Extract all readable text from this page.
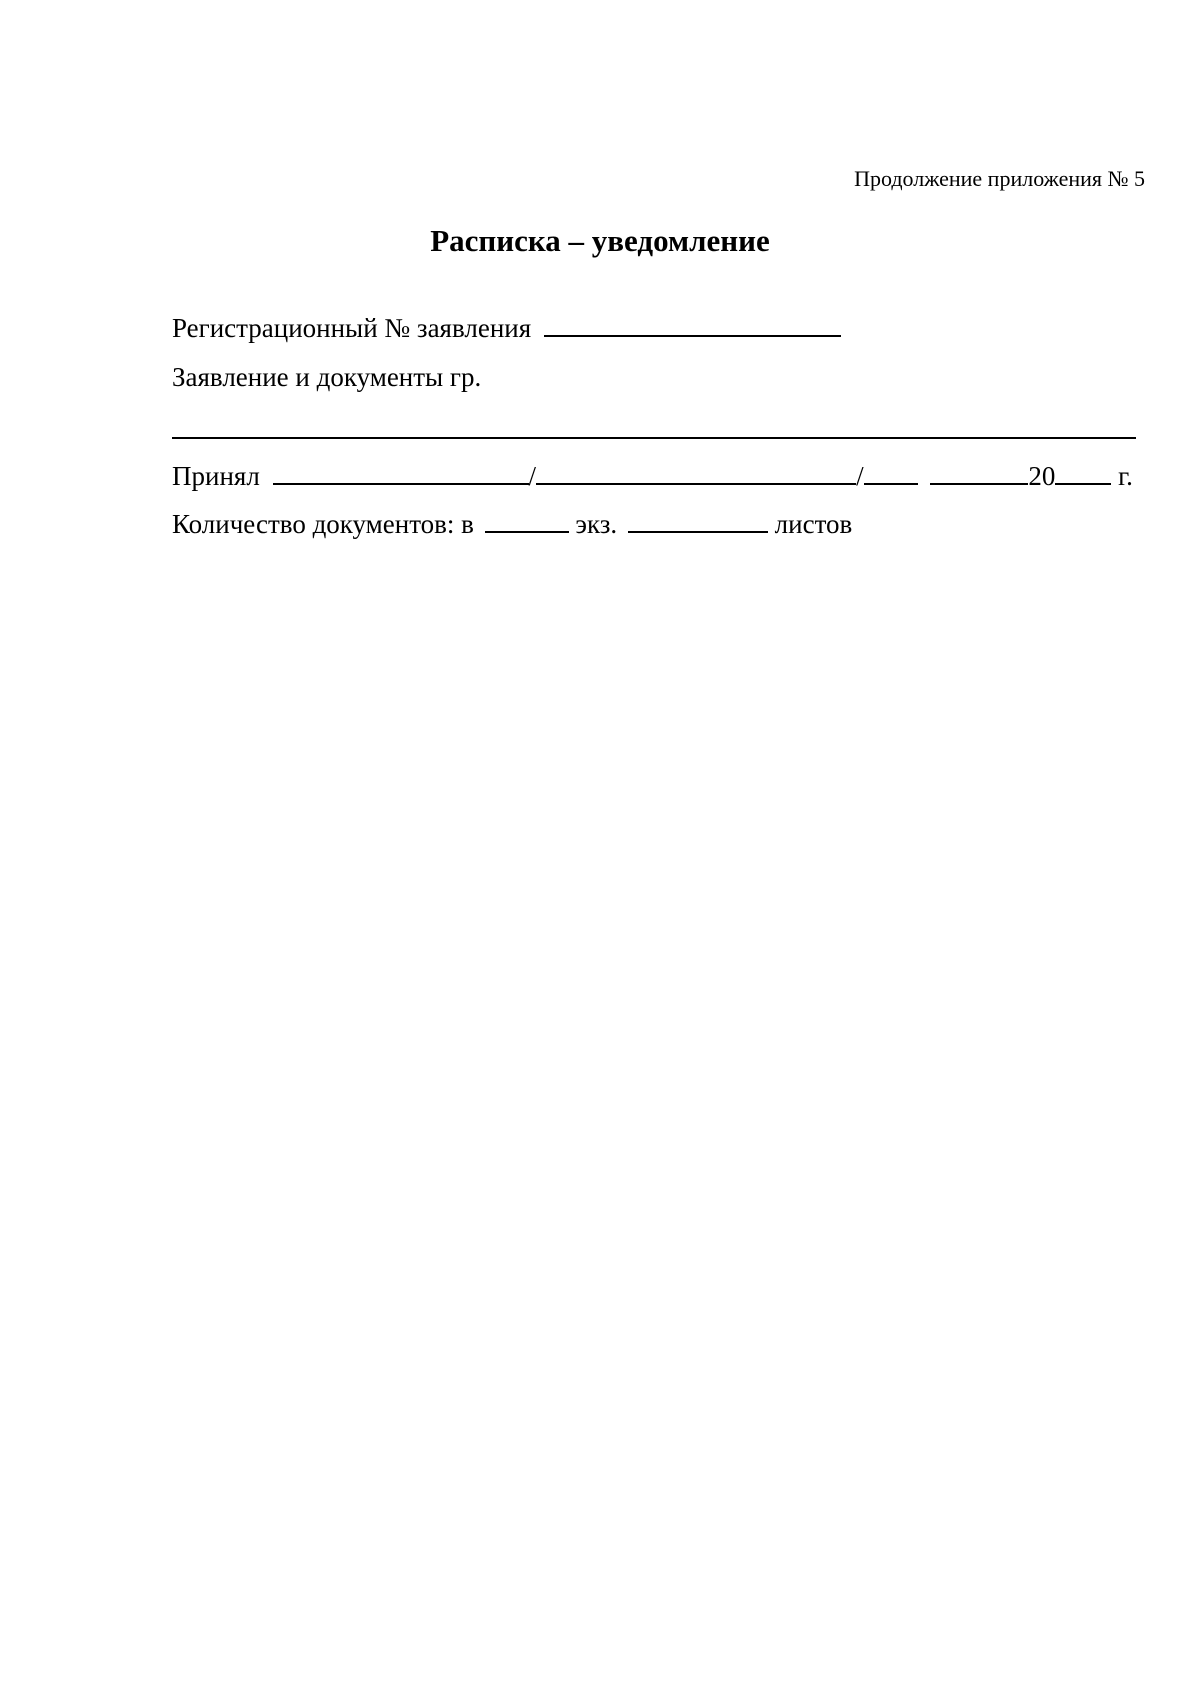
Продолжение приложения № 5
Расписка – уведомление
Регистрационный № заявления
Заявление и документы гр.
Принял	/	/	20 г.
Количество документов: в	экз.	листов
